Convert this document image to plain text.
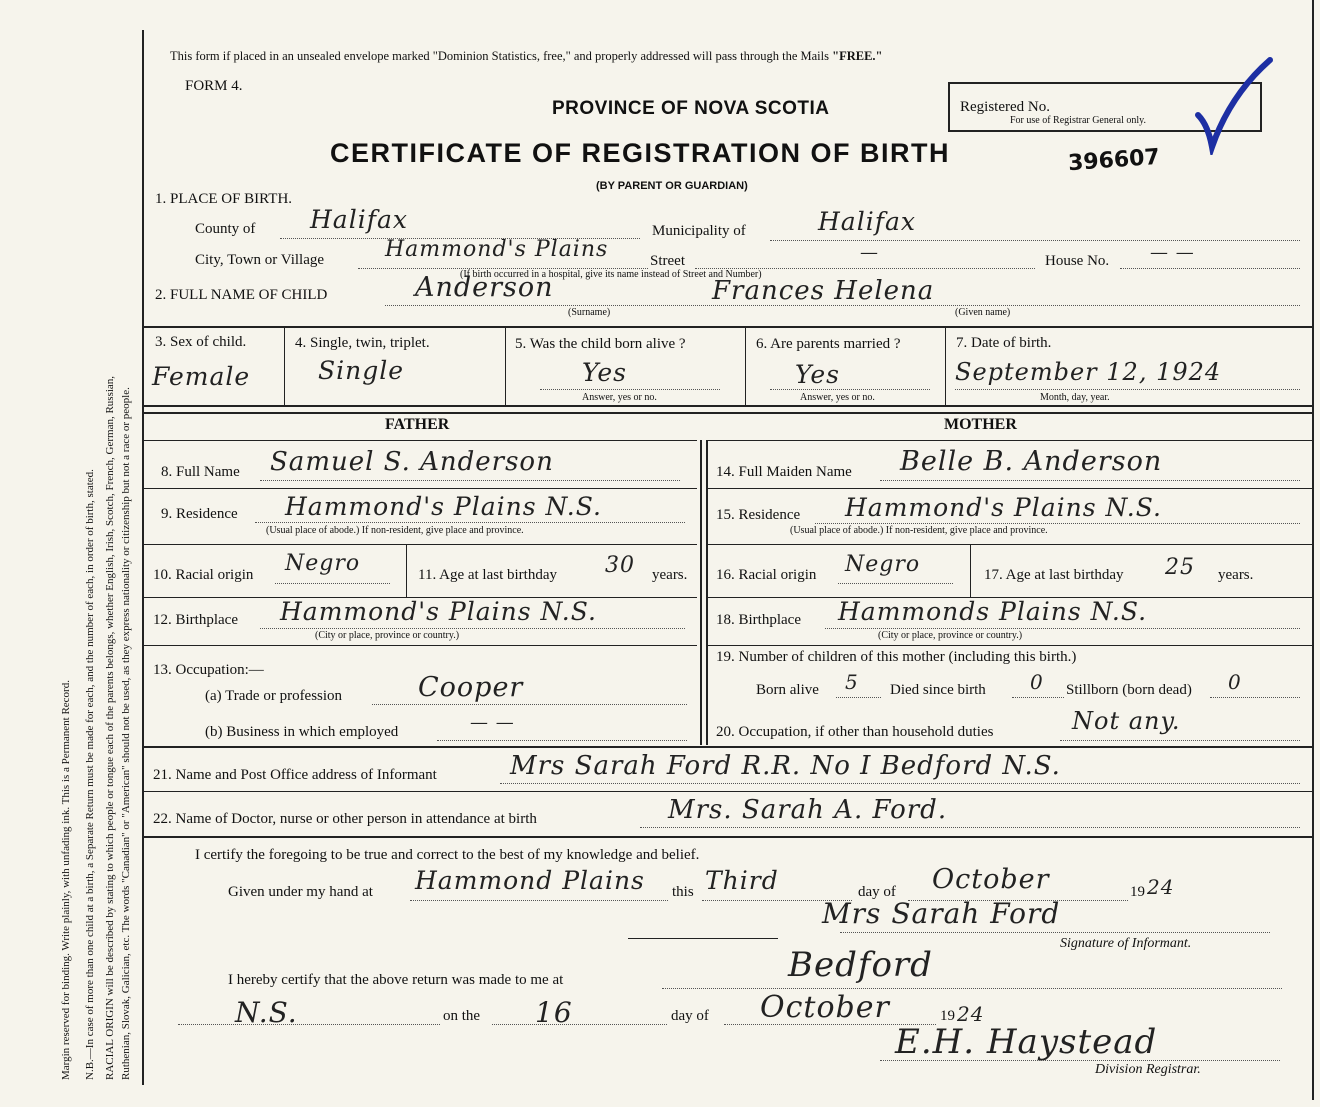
Margin reserved for binding. Write plainly, with unfading ink. This is a Permanent Record. N.B.—In case of more than one child at a birth, a Separate Return must be made for each, and the number of each, in order of birth, stated. RACIAL ORIGIN will be described by stating to which people or tongue each of the parents belongs, whether English, Irish, Scotch, French, German, Russian, Ruthenian, Slovak, Galician, etc. The words "Canadian" or "American" should not be used, as they express nationality or citizenship but not a race or people.
This form if placed in an unsealed envelope marked "Dominion Statistics, free," and properly addressed will pass through the Mails "FREE."
FORM 4.
PROVINCE OF NOVA SCOTIA
CERTIFICATE OF REGISTRATION OF BIRTH
(BY PARENT OR GUARDIAN)
Registered No.
For use of Registrar General only.
396607
1. PLACE OF BIRTH.
County of Halifax	Municipality of	Halifax
City, Town or Village	Hammond's Plains	Street	—	House No. — —
(If birth occurred in a hospital, give its name instead of Street and Number)
2. FULL NAME OF CHILD	Anderson	Frances Helena
(Surname)	(Given name)
3. Sex of child.
Female
4. Single, twin, triplet.
Single
5. Was the child born alive ?
Yes
Answer, yes or no.
6. Are parents married ?
Yes
Answer, yes or no.
7. Date of birth.
September 12, 1924
Month, day, year.
FATHER	MOTHER
8. Full Name Samuel S. Anderson
9. Residence Hammond's Plains N.S.
(Usual place of abode.) If non-resident, give place and province.
10. Racial origin Negro	11. Age at last birthday 30 years.
12. Birthplace Hammond's Plains N.S.
(City or place, province or country.)
13. Occupation:—
(a) Trade or profession	Cooper
(b) Business in which employed	— —
14. Full Maiden Name Belle B. Anderson
15. Residence Hammond's Plains N.S.
(Usual place of abode.) If non-resident, give place and province.
16. Racial origin Negro	17. Age at last birthday 25 years.
18. Birthplace Hammonds Plains N.S.
(City or place, province or country.)
19. Number of children of this mother (including this birth.)
Born alive 5 Died since birth 0 Stillborn (born dead) 0
20. Occupation, if other than household duties	Not any.
21. Name and Post Office address of Informant	Mrs Sarah Ford R.R. No I Bedford N.S.
22. Name of Doctor, nurse or other person in attendance at birth	Mrs. Sarah A. Ford.
I certify the foregoing to be true and correct to the best of my knowledge and belief.
Given under my hand at Hammond Plains this Third	day of October	19 24
Mrs Sarah Ford
Signature of Informant.
I hereby certify that the above return was made to me at	Bedford
N.S.	on the 16	day of October	19 24
E.H. Haystead
Division Registrar.
